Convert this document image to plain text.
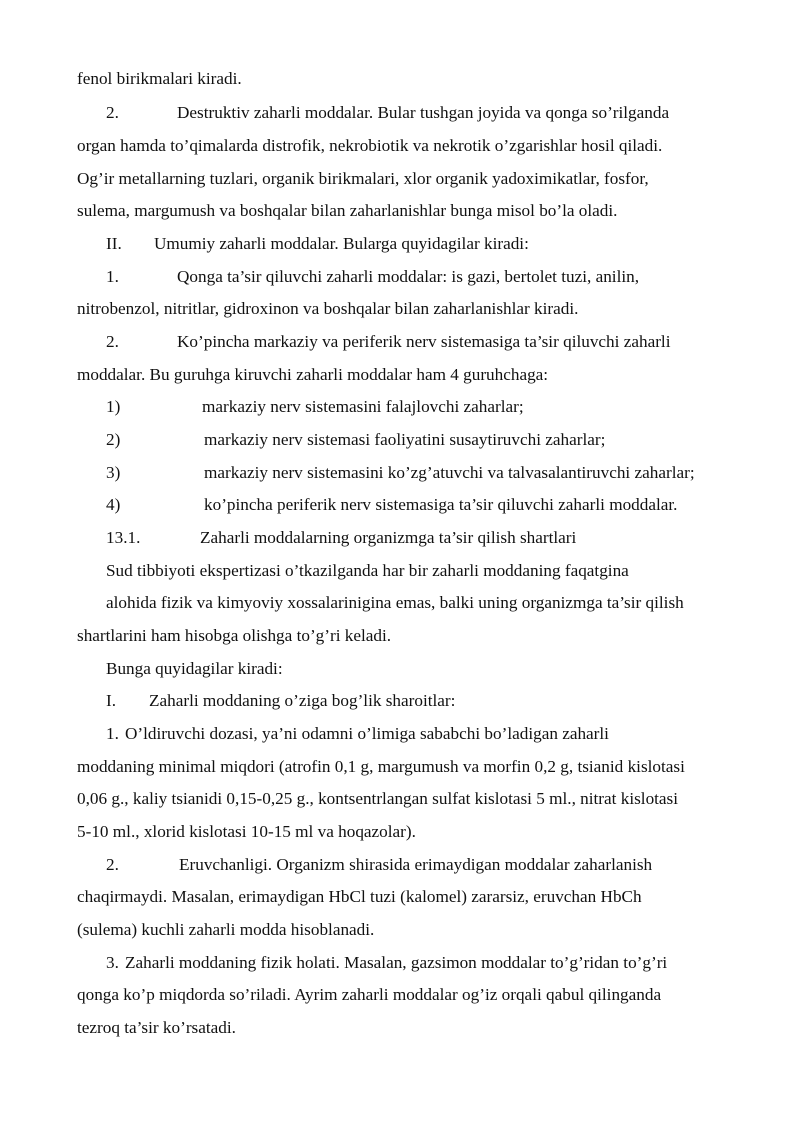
fenol birikmalari kiradi.

2.	Destruktiv zaharli moddalar. Bular tushgan joyida va qonga so’rilganda

organ hamda to’qimalarda distrofik, nekrobiotik va nekrotik o’zgarishlar hosil qiladi.

Og’ir metallarning tuzlari, organik birikmalari, xlor organik yadoximikatlar, fosfor,

sulema, margumush va boshqalar bilan zaharlanishlar bunga misol bo’la oladi.

II. Umumiy zaharli moddalar. Bularga quyidagilar kiradi:

1.	Qonga ta’sir qiluvchi zaharli moddalar: is gazi, bertolet tuzi, anilin,

nitrobenzol, nitritlar, gidroxinon va boshqalar bilan zaharlanishlar kiradi.

2.	Ko’pincha markaziy va periferik nerv sistemasiga ta’sir qiluvchi zaharli

moddalar. Bu guruhga kiruvchi zaharli moddalar ham 4 guruhchaga:

1)	markaziy nerv sistemasini falajlovchi zaharlar;

2)	markaziy nerv sistemasi faoliyatini susaytiruvchi zaharlar;

3)	markaziy nerv sistemasini ko’zg’atuvchi va talvasalantiruvchi zaharlar;

4)	ko’pincha periferik nerv sistemasiga ta’sir qiluvchi zaharli moddalar.

13.1.	Zaharli moddalarning organizmga ta’sir qilish shartlari

Sud tibbiyoti ekspertizasi o’tkazilganda har bir zaharli moddaning faqatgina

alohida fizik va kimyoviy xossalarinigina emas, balki uning organizmga ta’sir qilish

shartlarini ham hisobga olishga to’g’ri keladi.

Bunga quyidagilar kiradi:

I. Zaharli moddaning o’ziga bog’lik sharoitlar:

1. O’ldiruvchi dozasi, ya’ni odamni o’limiga sababchi bo’ladigan zaharli

moddaning minimal miqdori (atrofin 0,1 g, margumush va morfin 0,2 g, tsianid kislotasi

0,06 g., kaliy tsianidi 0,15-0,25 g., kontsentrlangan sulfat kislotasi 5 ml., nitrat kislotasi

5-10 ml., xlorid kislotasi 10-15 ml va hoqazolar).

2.	Eruvchanligi. Organizm shirasida erimaydigan moddalar zaharlanish

chaqirmaydi. Masalan, erimaydigan HbCl tuzi (kalomel) zararsiz, eruvchan HbCh

(sulema) kuchli zaharli modda hisoblanadi.

3. Zaharli moddaning fizik holati. Masalan, gazsimon moddalar to’g’ridan to’g’ri

qonga ko’p miqdorda so’riladi. Ayrim zaharli moddalar og’iz orqali qabul qilinganda

tezroq ta’sir ko’rsatadi.
